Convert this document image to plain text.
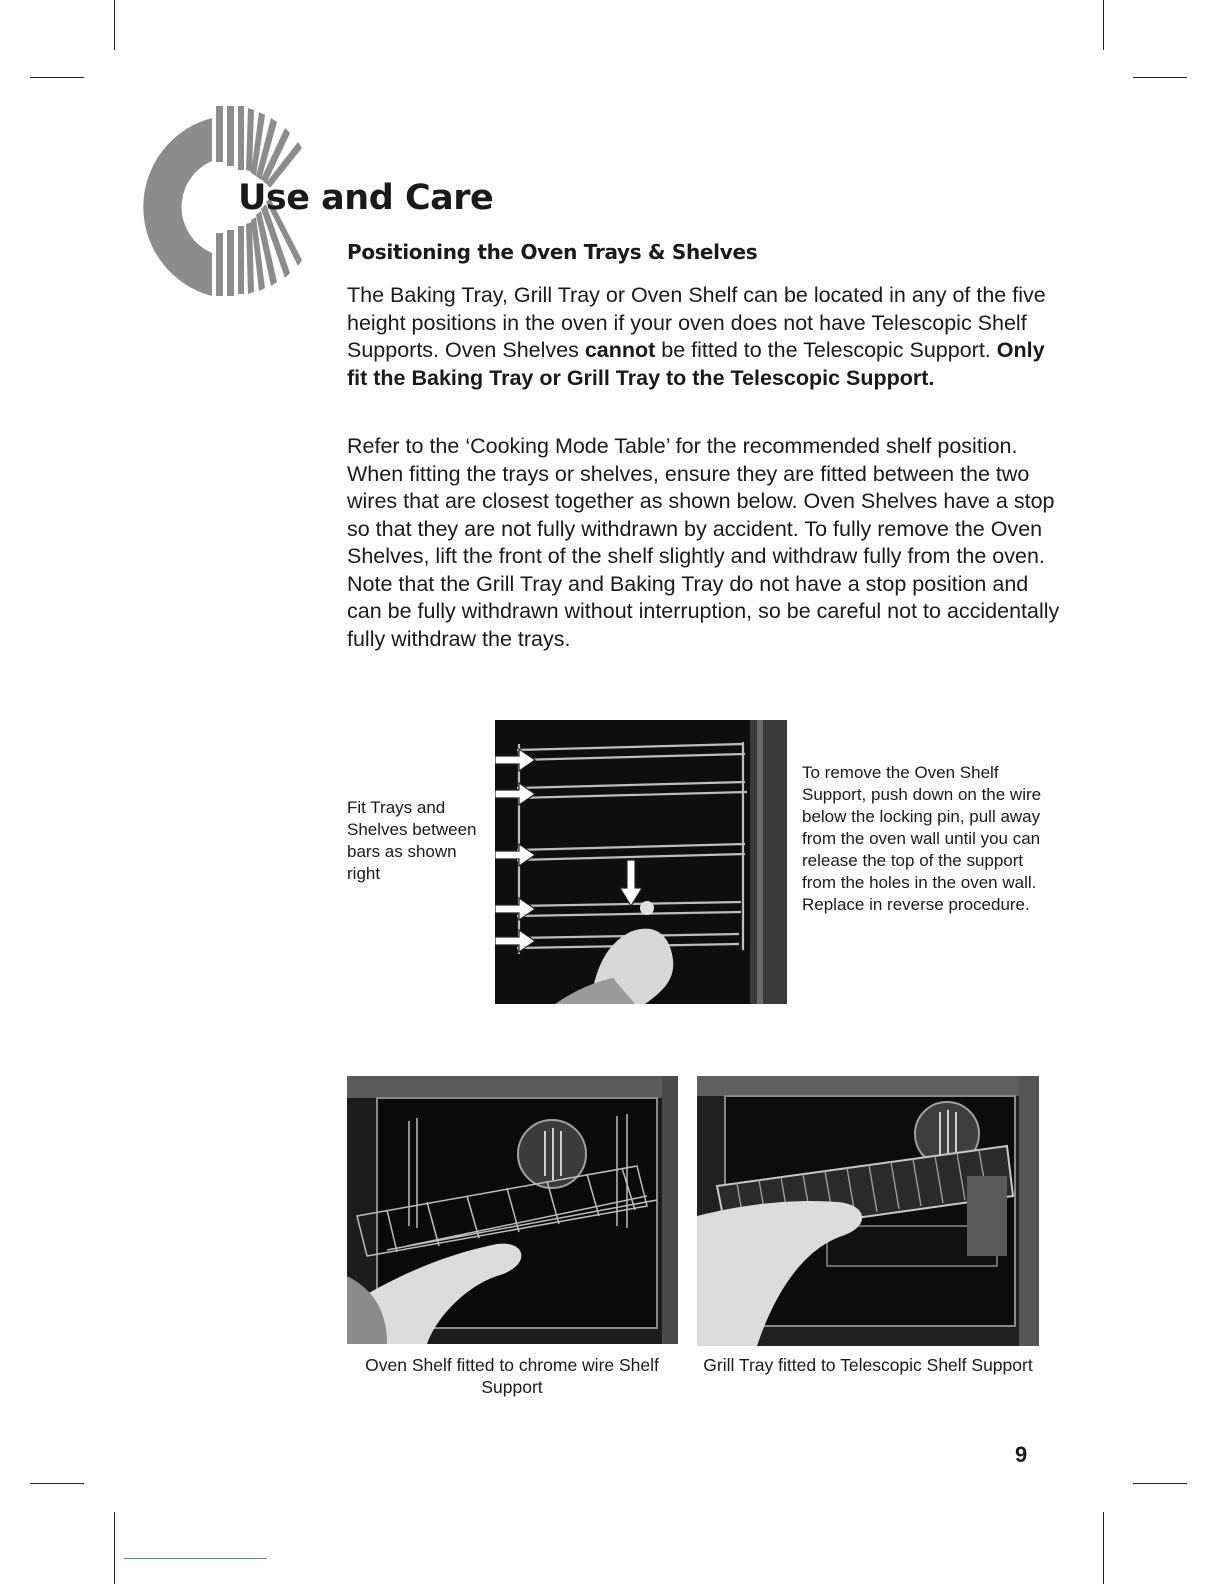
Use and Care
Positioning the Oven Trays & Shelves

The Baking Tray, Grill Tray or Oven Shelf can be located in any of the five height positions in the oven if your oven does not have Telescopic Shelf Supports. Oven Shelves cannot be fitted to the Telescopic Support. Only fit the Baking Tray or Grill Tray to the Telescopic Support.

Refer to the ‘Cooking Mode Table’ for the recommended shelf position. When fitting the trays or shelves, ensure they are fitted between the two wires that are closest together as shown below. Oven Shelves have a stop so that they are not fully withdrawn by accident. To fully remove the Oven Shelves, lift the front of the shelf slightly and withdraw fully from the oven. Note that the Grill Tray and Baking Tray do not have a stop position and can be fully withdrawn without interruption, so be careful not to accidentally fully withdraw the trays.

Fit Trays and Shelves between bars as shown right
To remove the Oven Shelf Support, push down on the wire below the locking pin, pull away from the oven wall until you can release the top of the support from the holes in the oven wall. Replace in reverse procedure.
Oven Shelf fitted to chrome wire Shelf Support
Grill Tray fitted to Telescopic Shelf Support
9
